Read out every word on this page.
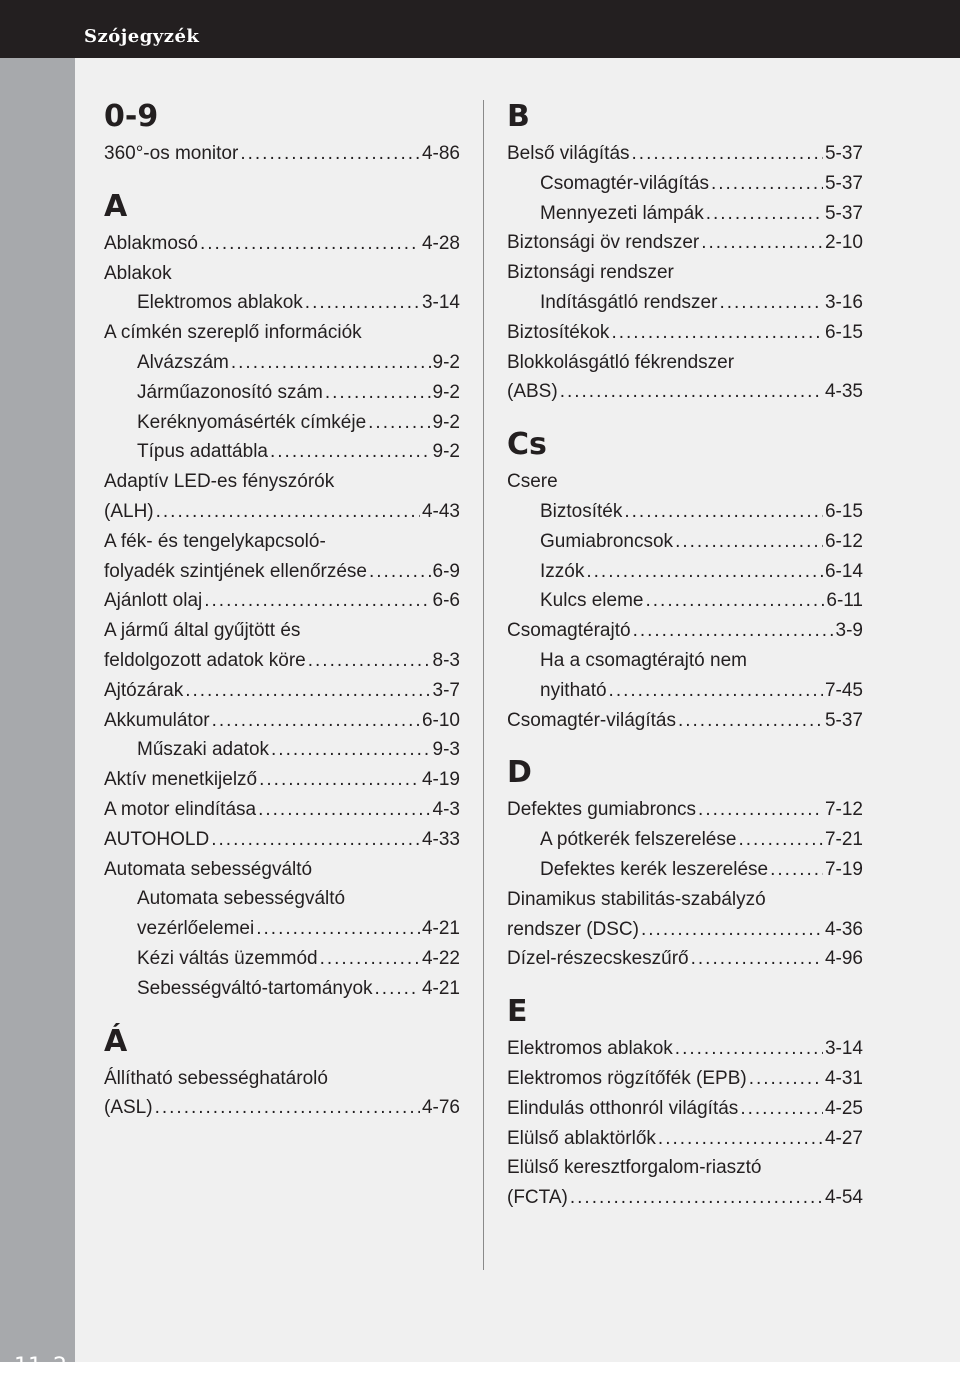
Szójegyzék
11–2
0-9
360°-os monitor .....	4-86
A
Ablakmosó .....	4-28
Ablakok
Elektromos ablakok .....	3-14
A címkén szereplő információk
Alvázszám .....	9-2
Járműazonosító szám .....	9-2
Keréknyomásérték címkéje .....	9-2
Típus adattábla .....	9-2
Adaptív LED-es fényszórók
(ALH) .....	4-43
A fék- és tengelykapcsoló-
folyadék szintjének ellenőrzése .....	6-9
Ajánlott olaj .....	6-6
A jármű által gyűjtött és
feldolgozott adatok köre .....	8-3
Ajtózárak .....	3-7
Akkumulátor .....	6-10
Műszaki adatok .....	9-3
Aktív menetkijelző .....	4-19
A motor elindítása .....	4-3
AUTOHOLD .....	4-33
Automata sebességváltó
Automata sebességváltó
vezérlőelemei .....	4-21
Kézi váltás üzemmód .....	4-22
Sebességváltó-tartományok .....	4-21
Á
Állítható sebességhatároló
(ASL) .....	4-76
B
Belső világítás .....	5-37
Csomagtér-világítás .....	5-37
Mennyezeti lámpák .....	5-37
Biztonsági öv rendszer .....	2-10
Biztonsági rendszer
Indításgátló rendszer .....	3-16
Biztosítékok .....	6-15
Blokkolásgátló fékrendszer
(ABS) .....	4-35
Cs
Csere
Biztosíték .....	6-15
Gumiabroncsok .....	6-12
Izzók .....	6-14
Kulcs eleme .....	6-11
Csomagtérajtó .....	3-9
Ha a csomagtérajtó nem
nyitható .....	7-45
Csomagtér-világítás .....	5-37
D
Defektes gumiabroncs .....	7-12
A pótkerék felszerelése .....	7-21
Defektes kerék leszerelése .....	7-19
Dinamikus stabilitás-szabályzó
rendszer (DSC) .....	4-36
Dízel-részecskeszűrő .....	4-96
E
Elektromos ablakok .....	3-14
Elektromos rögzítőfék (EPB) .....	4-31
Elindulás otthonról világítás .....	4-25
Elülső ablaktörlők .....	4-27
Elülső keresztforgalom-riasztó
(FCTA) .....	4-54
